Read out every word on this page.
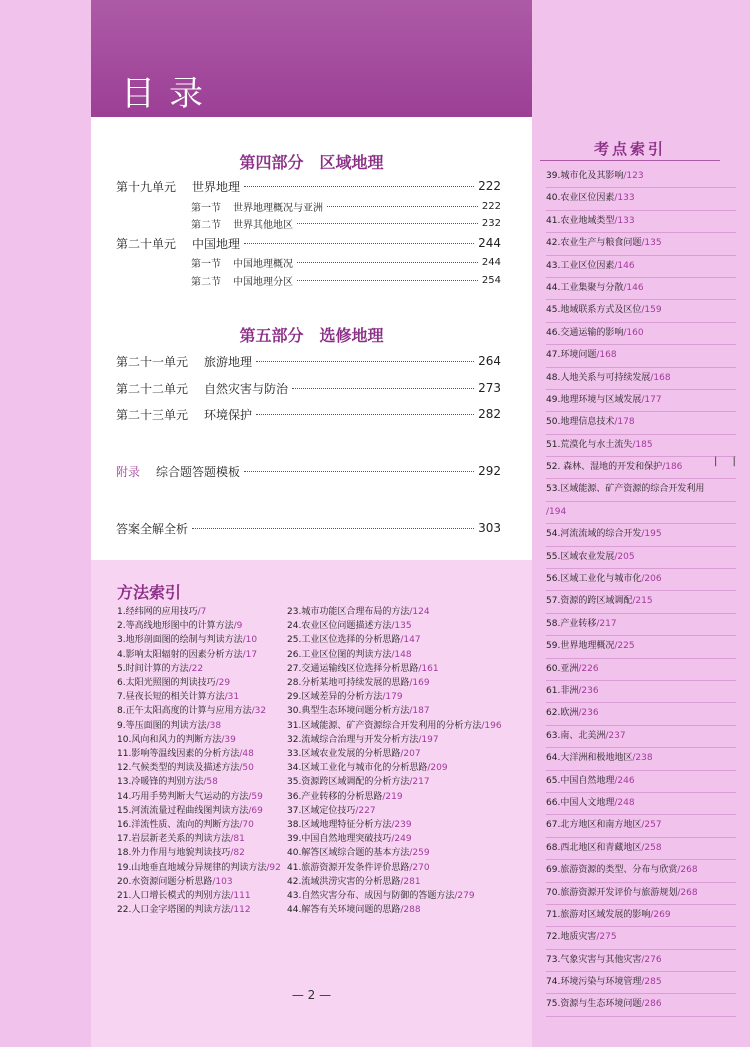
目录
第四部分　区域地理
第十九单元 世界地理	222
第一节 世界地理概况与亚洲	222
第二节 世界其他地区	232
第二十单元 中国地理	244
第一节 中国地理概况	244
第二节 中国地理分区	254
第五部分　选修地理
第二十一单元 旅游地理	264
第二十二单元 自然灾害与防治	273
第二十三单元 环境保护	282
附录 综合题答题模板	292
答案全解全析	303
方法索引
1.经纬网的应用技巧/7
2.等高线地形图中的计算方法/9
3.地形剖面图的绘制与判读方法/10
4.影响太阳辐射的因素分析方法/17
5.时间计算的方法/22
6.太阳光照图的判读技巧/29
7.昼夜长短的相关计算方法/31
8.正午太阳高度的计算与应用方法/32
9.等压面图的判读方法/38
10.风向和风力的判断方法/39
11.影响等温线因素的分析方法/48
12.气候类型的判读及描述方法/50
13.冷暖锋的判别方法/58
14.巧用手势判断大气运动的方法/59
15.河流流量过程曲线图判读方法/69
16.洋流性质、流向的判断方法/70
17.岩层新老关系的判读方法/81
18.外力作用与地貌判读技巧/82
19.山地垂直地域分异规律的判读方法/92
20.水资源问题分析思路/103
21.人口增长模式的判别方法/111
22.人口金字塔图的判读方法/112
23.城市功能区合理布局的方法/124
24.农业区位问题描述方法/135
25.工业区位选择的分析思路/147
26.工业区位图的判读方法/148
27.交通运输线区位选择分析思路/161
28.分析某地可持续发展的思路/169
29.区域差异的分析方法/179
30.典型生态环境问题分析方法/187
31.区域能源、矿产资源综合开发利用的分析方法/196
32.流域综合治理与开发分析方法/197
33.区域农业发展的分析思路/207
34.区域工业化与城市化的分析思路/209
35.资源跨区域调配的分析方法/217
36.产业转移的分析思路/219
37.区域定位技巧/227
38.区域地理特征分析方法/239
39.中国自然地理突破技巧/249
40.解答区域综合题的基本方法/259
41.旅游资源开发条件评价思路/270
42.流域洪涝灾害的分析思路/281
43.自然灾害分布、成因与防御的答题方法/279
44.解答有关环境问题的思路/288
— 2 —
考点索引
39.城市化及其影响/123
40.农业区位因素/133
41.农业地域类型/133
42.农业生产与粮食问题/135
43.工业区位因素/146
44.工业集聚与分散/146
45.地域联系方式及区位/159
46.交通运输的影响/160
47.环境问题/168
48.人地关系与可持续发展/168
49.地理环境与区域发展/177
50.地理信息技术/178
51.荒漠化与水土流失/185
52. 森林、湿地的开发和保护/186
53.区域能源、矿产资源的综合开发利用
/194
54.河流流域的综合开发/195
55.区域农业发展/205
56.区域工业化与城市化/206
57.资源的跨区域调配/215
58.产业转移/217
59.世界地理概况/225
60.亚洲/226
61.非洲/236
62.欧洲/236
63.南、北美洲/237
64.大洋洲和极地地区/238
65.中国自然地理/246
66.中国人文地理/248
67.北方地区和南方地区/257
68.西北地区和青藏地区/258
69.旅游资源的类型、分布与欣赏/268
70.旅游资源开发评价与旅游规划/268
71.旅游对区域发展的影响/269
72.地质灾害/275
73.气象灾害与其他灾害/276
74.环境污染与环境管理/285
75.资源与生态环境问题/286
| |
